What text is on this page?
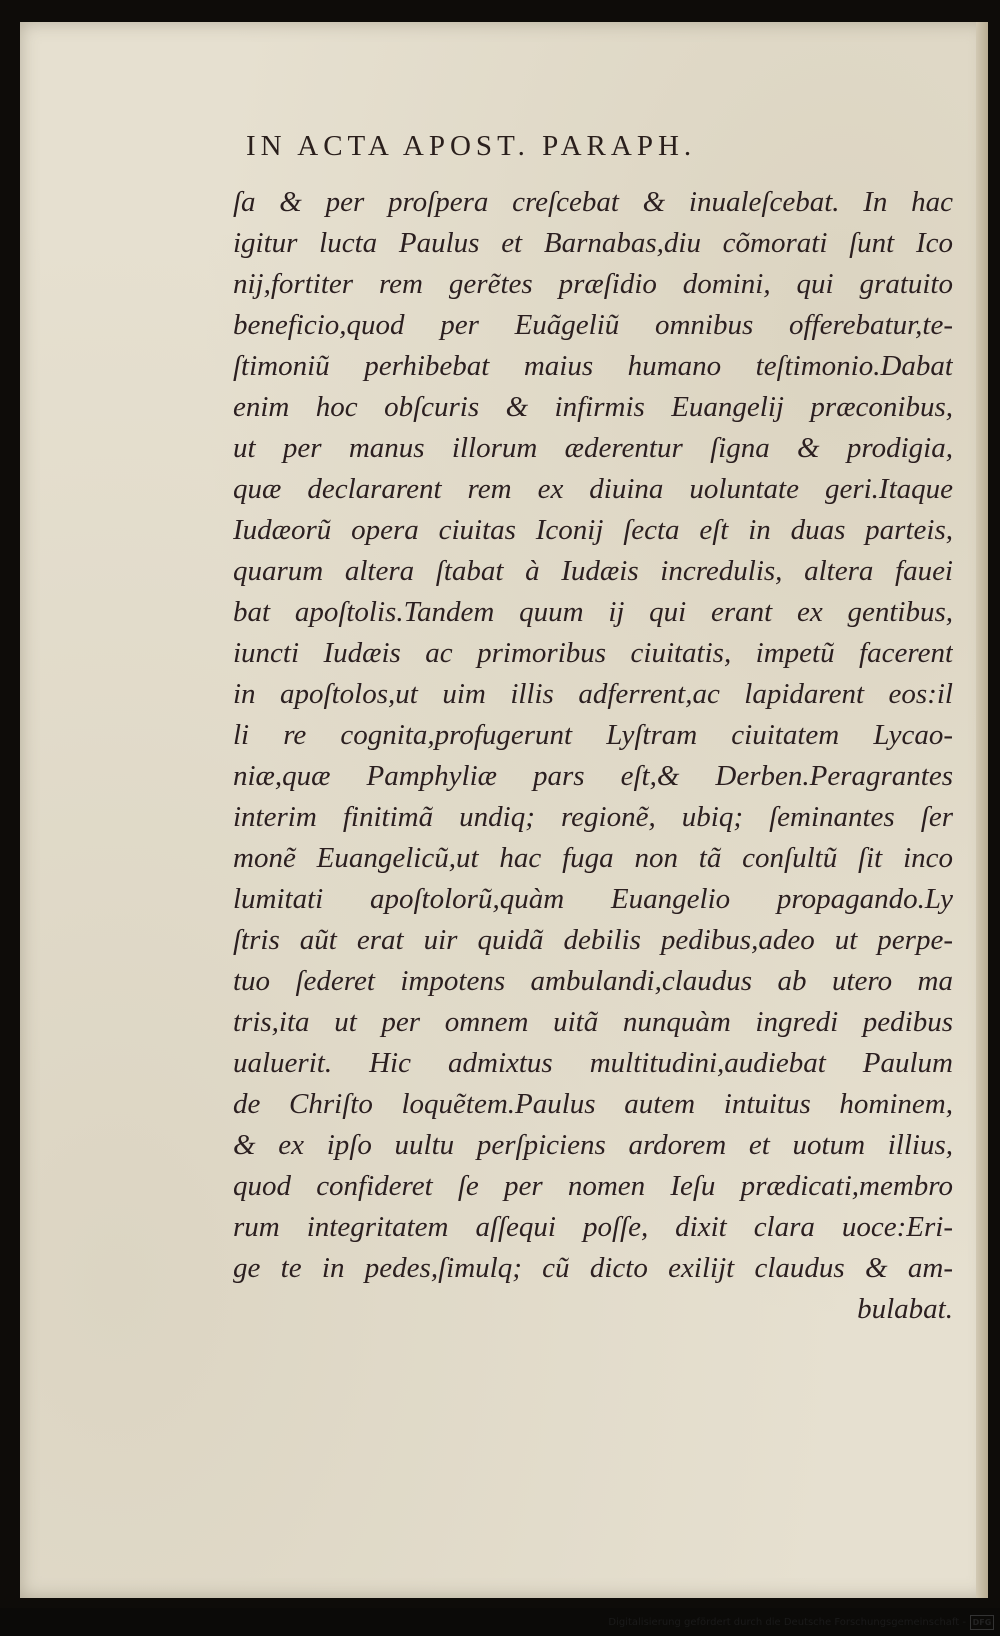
IN ACTA APOST. PARAPH.
ſa & per proſpera creſcebat & inualeſcebat. In hac
igitur lucta Paulus et Barnabas,diu cõmorati ſunt Ico
nij,fortiter rem gerẽtes præſidio domini, qui gratuito
beneficio,quod per Euãgeliũ omnibus offerebatur,te-
ſtimoniũ perhibebat maius humano teſtimonio.Dabat
enim hoc obſcuris & infirmis Euangelij præconibus,
ut per manus illorum æderentur ſigna & prodigia,
quæ declararent rem ex diuina uoluntate geri.Itaque
Iudæorũ opera ciuitas Iconij ſecta eſt in duas parteis,
quarum altera ſtabat à Iudæis incredulis, altera fauei
bat apoſtolis.Tandem quum ij qui erant ex gentibus,
iuncti Iudæis ac primoribus ciuitatis, impetũ facerent
in apoſtolos,ut uim illis adferrent,ac lapidarent eos:il
li re cognita,profugerunt Lyſtram ciuitatem Lycao-
niæ,quæ Pamphyliæ pars eſt,& Derben.Peragrantes
interim finitimã undiq; regionẽ, ubiq; ſeminantes ſer
monẽ Euangelicũ,ut hac fuga non tã conſultũ ſit inco
lumitati apoſtolorũ,quàm Euangelio propagando.Ly
ſtris aũt erat uir quidã debilis pedibus,adeo ut perpe-
tuo ſederet impotens ambulandi,claudus ab utero ma
tris,ita ut per omnem uitã nunquàm ingredi pedibus
ualuerit. Hic admixtus multitudini,audiebat Paulum
de Chriſto loquẽtem.Paulus autem intuitus hominem,
& ex ipſo uultu perſpiciens ardorem et uotum illius,
quod confideret ſe per nomen Ieſu prædicati,membro
rum integritatem aſſequi poſſe, dixit clara uoce:Eri-
ge te in pedes,ſimulq; cũ dicto exilijt claudus & am-
bulabat.
Digitalisierung gefördert durch die Deutsche Forschungsgemeinschaft - DFG
